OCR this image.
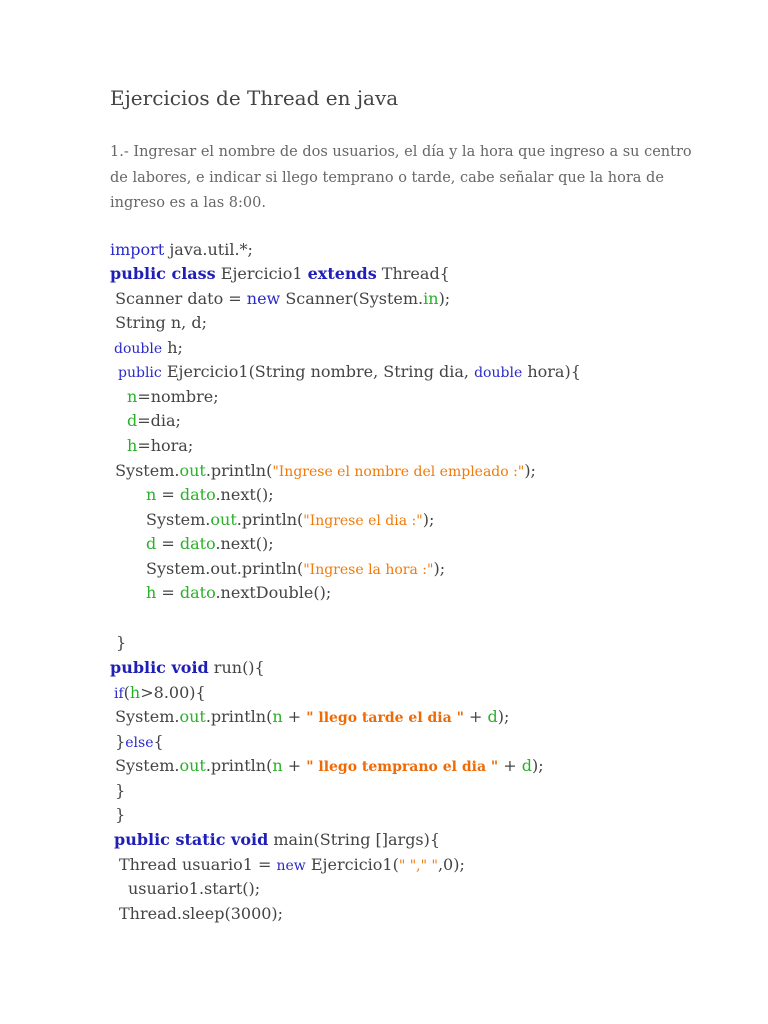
Ejercicios de Thread en java
1.- Ingresar el nombre de dos usuarios, el día y la hora que ingreso a su centro
de labores, e indicar si llego temprano o tarde, cabe señalar que la hora de
ingreso es a las 8:00.
import java.util.*;
public class Ejercicio1 extends Thread{
Scanner dato = new Scanner(System.in);
String n, d;
double h;
public Ejercicio1(String nombre, String dia, double hora){
n=nombre;
d=dia;
h=hora;
System.out.println("Ingrese el nombre del empleado :");
n = dato.next();
System.out.println("Ingrese el dia :");
d = dato.next();
System.out.println("Ingrese la hora :");
h = dato.nextDouble();
}
public void run(){
if(h>8.00){
System.out.println(n + " llego tarde el dia " + d);
}else{
System.out.println(n + " llego temprano el dia " + d);
}
}
public static void main(String []args){
Thread usuario1 = new Ejercicio1(" "," ",0);
usuario1.start();
Thread.sleep(3000);
